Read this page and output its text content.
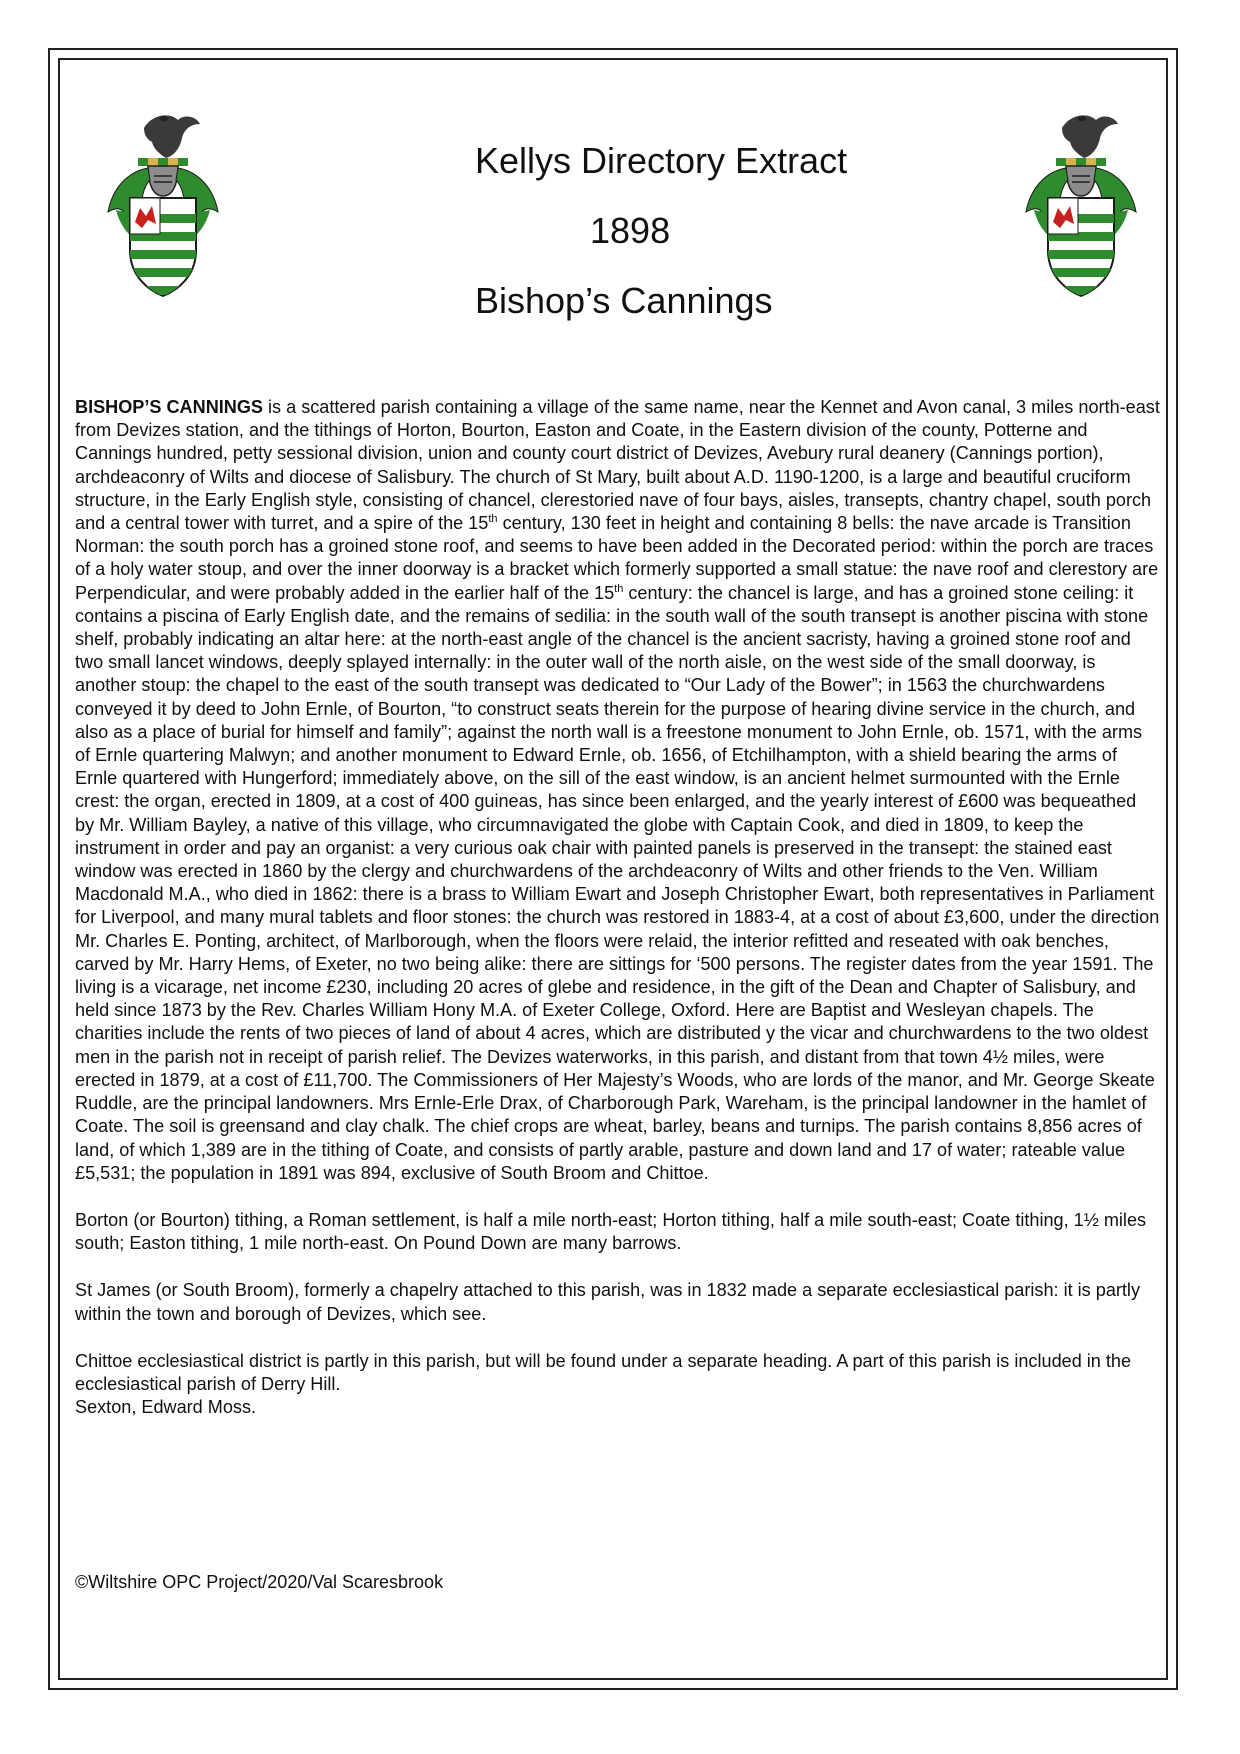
Kellys Directory Extract
1898
Bishop’s Cannings

BISHOP’S CANNINGS is a scattered parish containing a village of the same name, near the Kennet and Avon canal, 3 miles north-east from Devizes station, and the tithings of Horton, Bourton, Easton and Coate, in the Eastern division of the county, Potterne and Cannings hundred, petty sessional division, union and county court district of Devizes, Avebury rural deanery (Cannings portion), archdeaconry of Wilts and diocese of Salisbury. The church of St Mary, built about A.D. 1190-1200, is a large and beautiful cruciform structure, in the Early English style, consisting of chancel, clerestoried nave of four bays, aisles, transepts, chantry chapel, south porch and a central tower with turret, and a spire of the 15th century, 130 feet in height and containing 8 bells: the nave arcade is Transition Norman: the south porch has a groined stone roof, and seems to have been added in the Decorated period: within the porch are traces of a holy water stoup, and over the inner doorway is a bracket which formerly supported a small statue: the nave roof and clerestory are Perpendicular, and were probably added in the earlier half of the 15th century: the chancel is large, and has a groined stone ceiling: it contains a piscina of Early English date, and the remains of sedilia: in the south wall of the south transept is another piscina with stone shelf, probably indicating an altar here: at the north-east angle of the chancel is the ancient sacristy, having a groined stone roof and two small lancet windows, deeply splayed internally: in the outer wall of the north aisle, on the west side of the small doorway, is another stoup: the chapel to the east of the south transept was dedicated to “Our Lady of the Bower”; in 1563 the churchwardens conveyed it by deed to John Ernle, of Bourton, “to construct seats therein for the purpose of hearing divine service in the church, and also as a place of burial for himself and family”; against the north wall is a freestone monument to John Ernle, ob. 1571, with the arms of Ernle quartering Malwyn; and another monument to Edward Ernle, ob. 1656, of Etchilhampton, with a shield bearing the arms of Ernle quartered with Hungerford; immediately above, on the sill of the east window, is an ancient helmet surmounted with the Ernle crest: the organ, erected in 1809, at a cost of 400 guineas, has since been enlarged, and the yearly interest of £600 was bequeathed by Mr. William Bayley, a native of this village, who circumnavigated the globe with Captain Cook, and died in 1809, to keep the instrument in order and pay an organist: a very curious oak chair with painted panels is preserved in the transept: the stained east window was erected in 1860 by the clergy and churchwardens of the archdeaconry of Wilts and other friends to the Ven. William Macdonald M.A., who died in 1862: there is a brass to William Ewart and Joseph Christopher Ewart, both representatives in Parliament for Liverpool, and many mural tablets and floor stones: the church was restored in 1883-4, at a cost of about £3,600, under the direction Mr. Charles E. Ponting, architect, of Marlborough, when the floors were relaid, the interior refitted and reseated with oak benches, carved by Mr. Harry Hems, of Exeter, no two being alike: there are sittings for ‘500 persons. The register dates from the year 1591. The living is a vicarage, net income £230, including 20 acres of glebe and residence, in the gift of the Dean and Chapter of Salisbury, and held since 1873 by the Rev. Charles William Hony M.A. of Exeter College, Oxford. Here are Baptist and Wesleyan chapels. The charities include the rents of two pieces of land of about 4 acres, which are distributed y the vicar and churchwardens to the two oldest men in the parish not in receipt of parish relief. The Devizes waterworks, in this parish, and distant from that town 4½ miles, were erected in 1879, at a cost of £11,700. The Commissioners of Her Majesty’s Woods, who are lords of the manor, and Mr. George Skeate Ruddle, are the principal landowners. Mrs Ernle-Erle Drax, of Charborough Park, Wareham, is the principal landowner in the hamlet of Coate. The soil is greensand and clay chalk. The chief crops are wheat, barley, beans and turnips. The parish contains 8,856 acres of land, of which 1,389 are in the tithing of Coate, and consists of partly arable, pasture and down land and 17 of water; rateable value £5,531; the population in 1891 was 894, exclusive of South Broom and Chittoe.

Borton (or Bourton) tithing, a Roman settlement, is half a mile north-east; Horton tithing, half a mile south-east; Coate tithing, 1½ miles south; Easton tithing, 1 mile north-east. On Pound Down are many barrows.

St James (or South Broom), formerly a chapelry attached to this parish, was in 1832 made a separate ecclesiastical parish: it is partly within the town and borough of Devizes, which see.

Chittoe ecclesiastical district is partly in this parish, but will be found under a separate heading. A part of this parish is included in the ecclesiastical parish of Derry Hill.

Sexton, Edward Moss.

©Wiltshire OPC Project/2020/Val Scaresbrook
